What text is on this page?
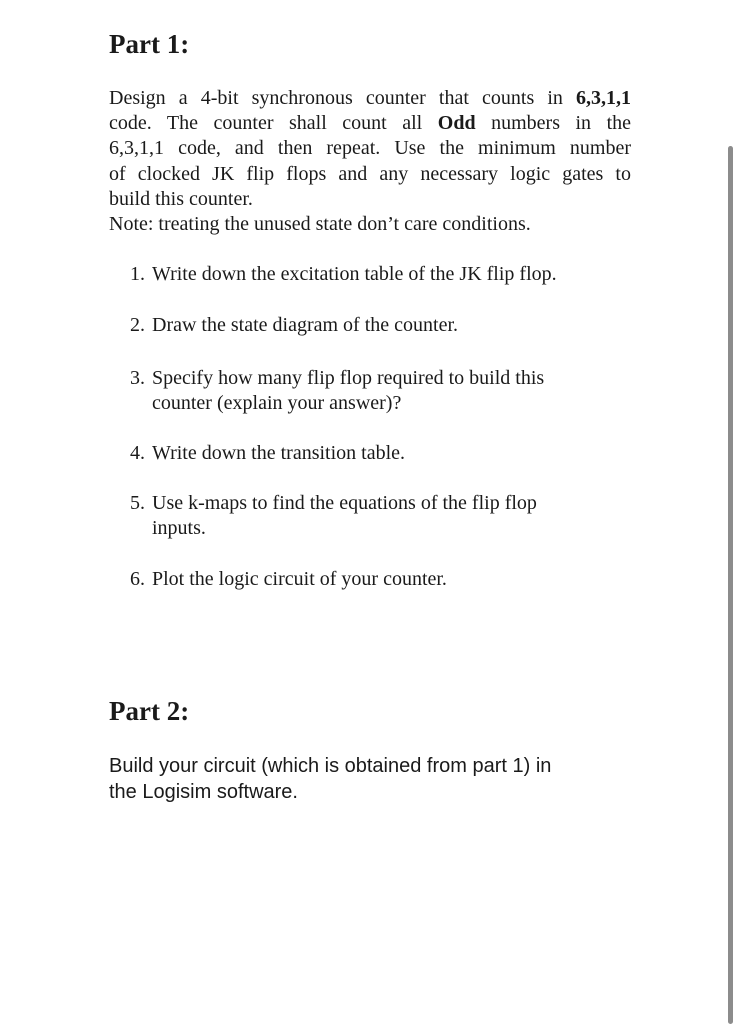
Part 1:

Design a 4-bit synchronous counter that counts in 6,3,1,1

code. The counter shall count all Odd numbers in the

6,3,1,1 code, and then repeat. Use the minimum number

of clocked JK flip flops and any necessary logic gates to

build this counter.

Note: treating the unused state don’t care conditions.

1. Write down the excitation table of the JK flip flop.
2. Draw the state diagram of the counter.
3. Specify how many flip flop required to build this counter (explain your answer)?
4. Write down the transition table.
5. Use k-maps to find the equations of the flip flop inputs.
6. Plot the logic circuit of your counter.
Part 2:
Build your circuit (which is obtained from part 1) in
the Logisim software.
